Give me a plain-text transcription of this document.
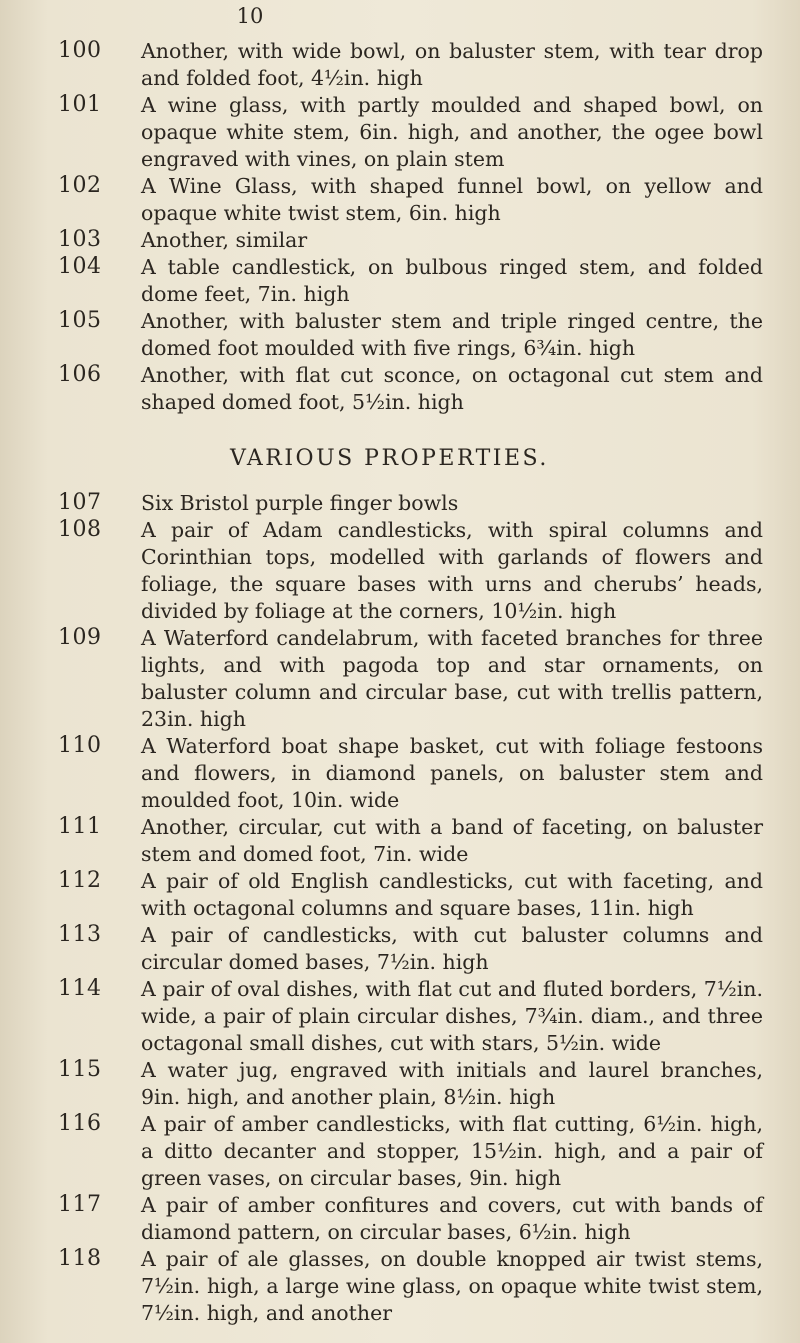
10
100	Another, with wide bowl, on baluster stem, with tear drop and folded foot, 4½in. high
101	A wine glass, with partly moulded and shaped bowl, on opaque white stem, 6in. high, and another, the ogee bowl engraved with vines, on plain stem
102	A Wine Glass, with shaped funnel bowl, on yellow and opaque white twist stem, 6in. high
103	Another, similar
104	A table candlestick, on bulbous ringed stem, and folded dome feet, 7in. high
105	Another, with baluster stem and triple ringed centre, the domed foot moulded with five rings, 6¾in. high
106	Another, with flat cut sconce, on octagonal cut stem and shaped domed foot, 5½in. high
VARIOUS PROPERTIES.
107	Six Bristol purple finger bowls
108	A pair of Adam candlesticks, with spiral columns and Corinthian tops, modelled with garlands of flowers and foliage, the square bases with urns and cherubs’ heads, divided by foliage at the corners, 10½in. high
109	A Waterford candelabrum, with faceted branches for three lights, and with pagoda top and star ornaments, on baluster column and circular base, cut with trellis pattern, 23in. high
110	A Waterford boat shape basket, cut with foliage festoons and flowers, in diamond panels, on baluster stem and moulded foot, 10in. wide
111	Another, circular, cut with a band of faceting, on baluster stem and domed foot, 7in. wide
112	A pair of old English candlesticks, cut with faceting, and with octagonal columns and square bases, 11in. high
113	A pair of candlesticks, with cut baluster columns and circular domed bases, 7½in. high
114	A pair of oval dishes, with flat cut and fluted borders, 7½in. wide, a pair of plain circular dishes, 7¾in. diam., and three octagonal small dishes, cut with stars, 5½in. wide
115	A water jug, engraved with initials and laurel branches, 9in. high, and another plain, 8½in. high
116	A pair of amber candlesticks, with flat cutting, 6½in. high, a ditto decanter and stopper, 15½in. high, and a pair of green vases, on circular bases, 9in. high
117	A pair of amber confitures and covers, cut with bands of diamond pattern, on circular bases, 6½in. high
118	A pair of ale glasses, on double knopped air twist stems, 7½in. high, a large wine glass, on opaque white twist stem, 7½in. high, and another
